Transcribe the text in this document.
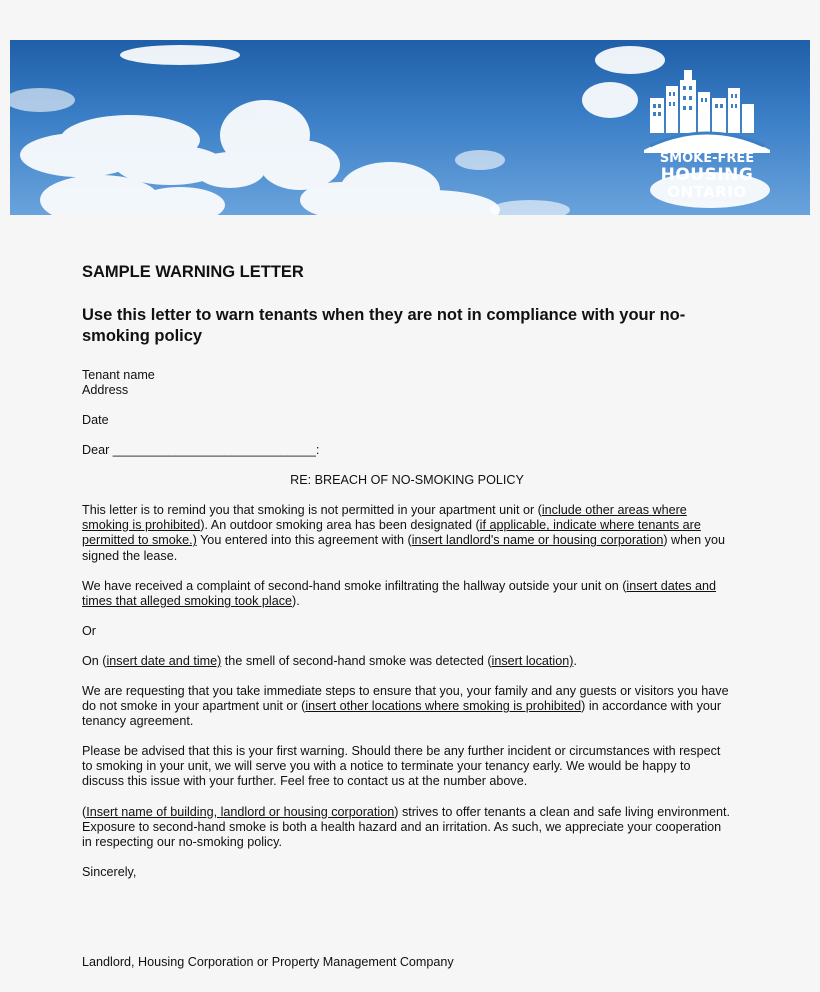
SMOKE-FREE
HOUSING
ONTARIO
SAMPLE WARNING LETTER
Use this letter to warn tenants when they are not in compliance with your no-smoking policy
Tenant name
Address
Date
Dear _____________________________:
RE: BREACH OF NO-SMOKING POLICY
This letter is to remind you that smoking is not permitted in your apartment unit or (include other areas where smoking is prohibited). An outdoor smoking area has been designated (if applicable, indicate where tenants are permitted to smoke.) You entered into this agreement with (insert landlord's name or housing corporation) when you signed the lease.
We have received a complaint of second-hand smoke infiltrating the hallway outside your unit on (insert dates and times that alleged smoking took place).
Or
On (insert date and time) the smell of second-hand smoke was detected (insert location).
We are requesting that you take immediate steps to ensure that you, your family and any guests or visitors you have do not smoke in your apartment unit or (insert other locations where smoking is prohibited) in accordance with your tenancy agreement.
Please be advised that this is your first warning. Should there be any further incident or circumstances with respect to smoking in your unit, we will serve you with a notice to terminate your tenancy early. We would be happy to discuss this issue with your further. Feel free to contact us at the number above.
(Insert name of building, landlord or housing corporation) strives to offer tenants a clean and safe living environment. Exposure to second-hand smoke is both a health hazard and an irritation. As such, we appreciate your cooperation in respecting our no-smoking policy.
Sincerely,
Landlord, Housing Corporation or Property Management Company
